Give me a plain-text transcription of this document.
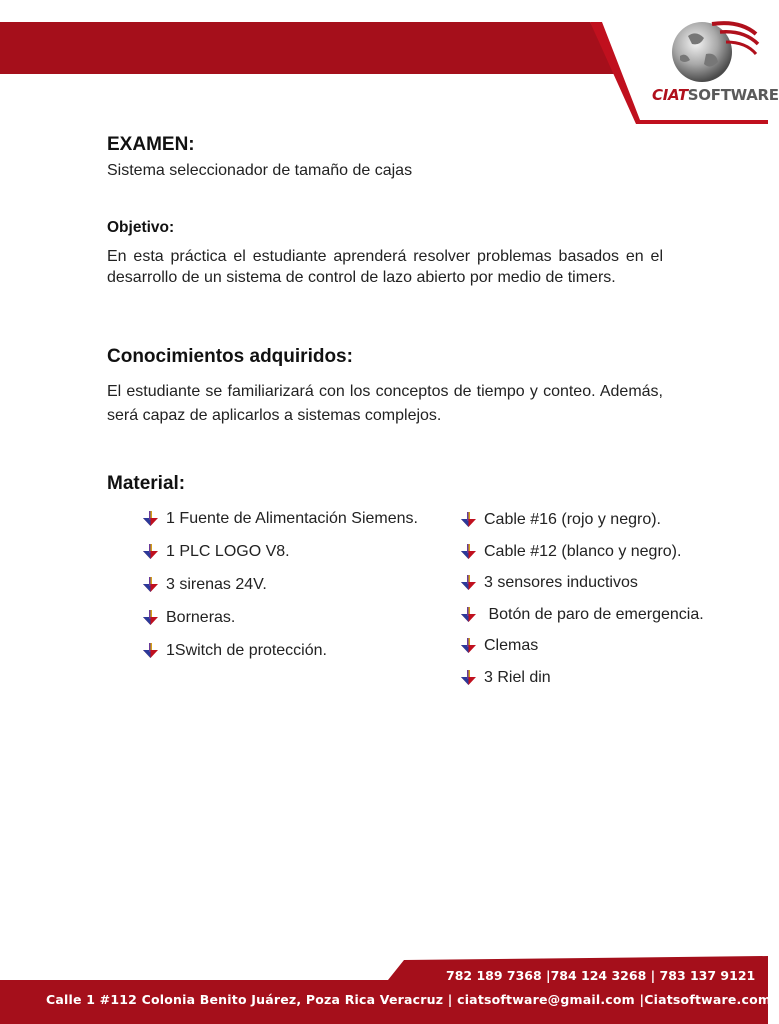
CIATSOFTWARE
EXAMEN:
Sistema seleccionador de tamaño de cajas
Objetivo:
En esta práctica el estudiante aprenderá resolver problemas basados en el desarrollo de un sistema de control de lazo abierto por medio de timers.
Conocimientos adquiridos:
El estudiante se familiarizará con los conceptos de tiempo y conteo. Además, será capaz de aplicarlos a sistemas complejos.
Material:
1 Fuente de Alimentación Siemens.
1 PLC LOGO V8.
3 sirenas 24V.
Borneras.
1Switch de protección.
Cable #16 (rojo y negro).
Cable #12 (blanco y negro).
3 sensores inductivos
Botón de paro de emergencia.
Clemas
3 Riel din
782 189 7368 |784 124 3268 | 783 137 9121
Calle 1 #112 Colonia Benito Juárez, Poza Rica Veracruz | ciatsoftware@gmail.com |Ciatsoftware.com
